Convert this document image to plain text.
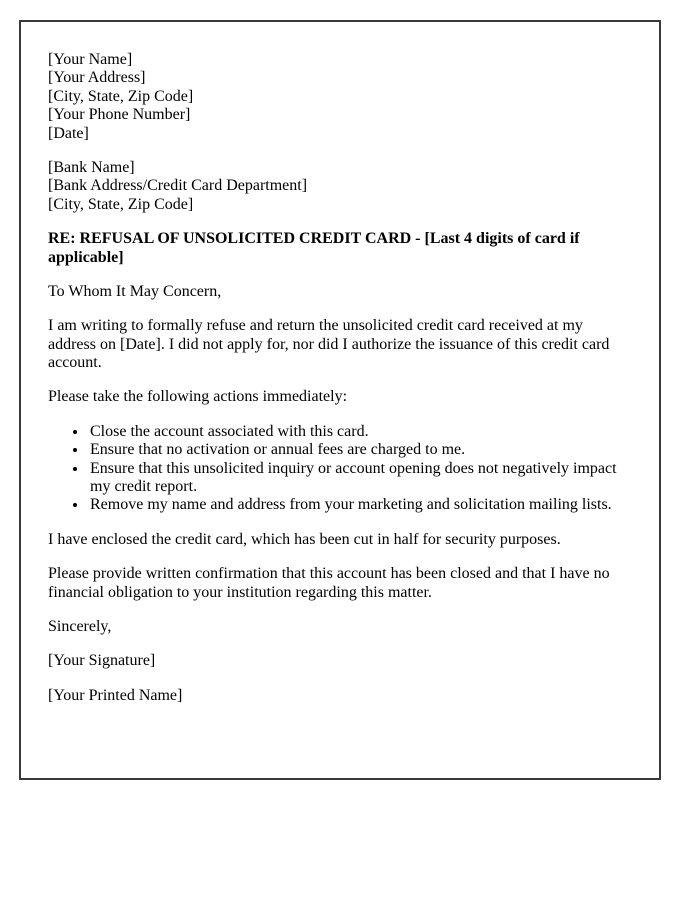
[Your Name]
[Your Address]
[City, State, Zip Code]
[Your Phone Number]
[Date]
[Bank Name]
[Bank Address/Credit Card Department]
[City, State, Zip Code]

RE: REFUSAL OF UNSOLICITED CREDIT CARD - [Last 4 digits of card if applicable]

To Whom It May Concern,

I am writing to formally refuse and return the unsolicited credit card received at my address on [Date]. I did not apply for, nor did I authorize the issuance of this credit card account.

Please take the following actions immediately:

• Close the account associated with this card.
• Ensure that no activation or annual fees are charged to me.
• Ensure that this unsolicited inquiry or account opening does not negatively impact my credit report.
• Remove my name and address from your marketing and solicitation mailing lists.

I have enclosed the credit card, which has been cut in half for security purposes.

Please provide written confirmation that this account has been closed and that I have no financial obligation to your institution regarding this matter.

Sincerely,

[Your Signature]

[Your Printed Name]
